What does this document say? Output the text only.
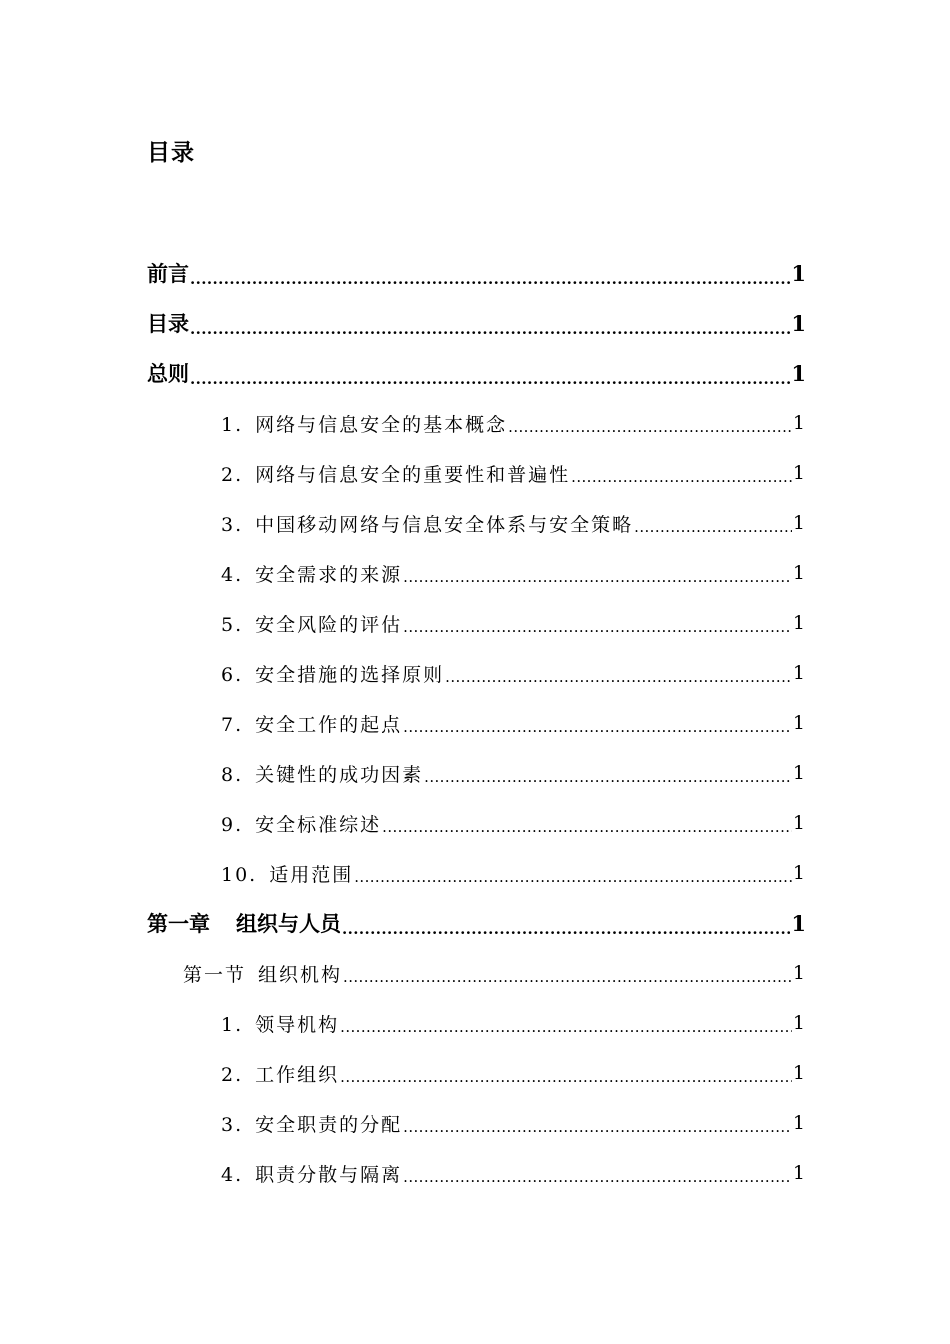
目录
前言 .....	1
目录 .....	1
总则 .....	1
1. 网络与信息安全的基本概念 .....	1
2. 网络与信息安全的重要性和普遍性 .....	1
3. 中国移动网络与信息安全体系与安全策略 .....	1
4. 安全需求的来源 .....	1
5. 安全风险的评估 .....	1
6. 安全措施的选择原则 .....	1
7. 安全工作的起点 .....	1
8. 关键性的成功因素 .....	1
9. 安全标准综述 .....	1
10. 适用范围 .....	1
第一章 组织与人员 .....	1
第一节 组织机构 .....	1
1. 领导机构 .....	1
2. 工作组织 .....	1
3. 安全职责的分配 .....	1
4. 职责分散与隔离 .....	1
